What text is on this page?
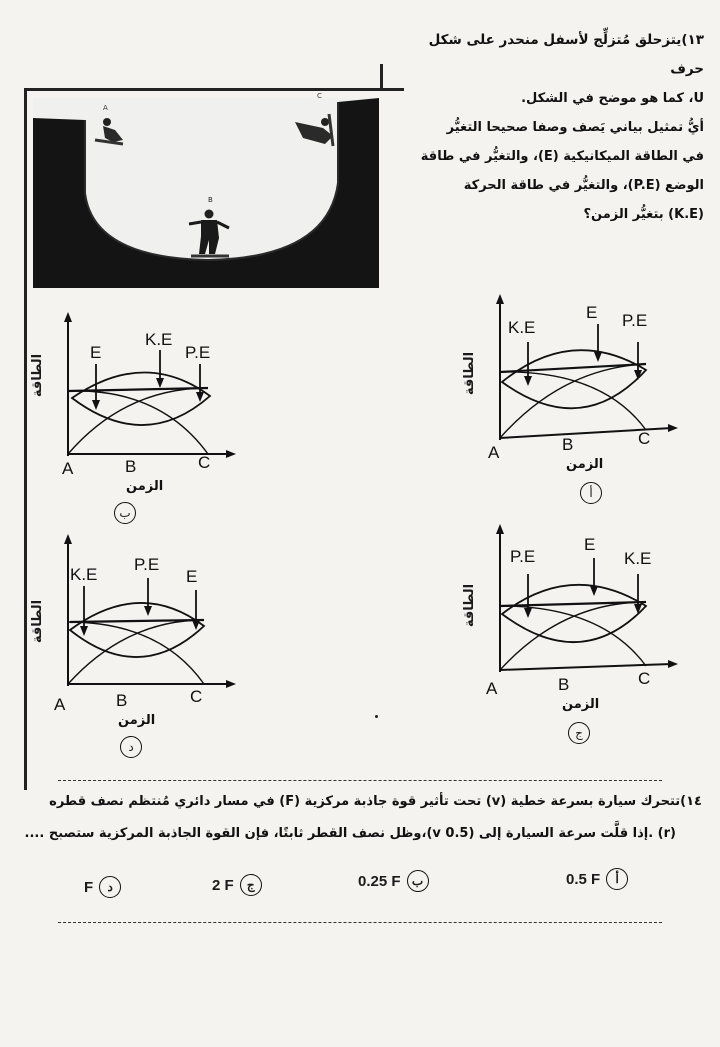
١٣)يتزحلق مُتزلِّج لأسفل منحدر على شكل حرف
U، كما هو موضح في الشكل.
أيُّ تمثيل بياني يَصف وصفا صحيحا التغيُّر
في الطاقة الميكانيكية (E)، والتغيُّر في طاقة
الوضع (P.E)، والتغيُّر في طاقة الحركة
(K.E) بتغيُّر الزمن؟
A
B
C
E
K.E
P.E
A	B	C
الزمن
الطاقة
ب
K.E
E P.E
A	B	C
الزمن
الطاقة
أ
K.E
P.E
E
A	B	C
الزمن
الطاقة
د
P.E
E
K.E
A	B	C
الزمن
الطاقة
ج
١٤)تتحرك سيارة بسرعة خطية (v) تحت تأثير قوة جاذبة مركزية (F) في مسار دائري مُنتظم نصف قطره
(r) .إذا قلَّت سرعة السيارة إلى (0.5 v)،وظل نصف القطر ثابتًا، فإن القوة الجاذبة المركزية ستصبح ....
0.5 F	أ
0.25 F ب
2 F	ج
F	د
